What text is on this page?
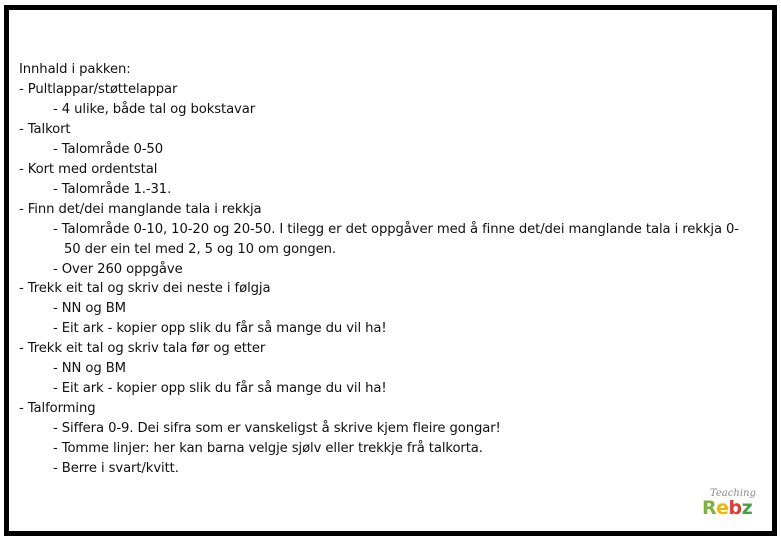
Innhald i pakken:
- Pultlappar/støttelappar
- 4 ulike, både tal og bokstavar
- Talkort
- Talområde 0-50
- Kort med ordentstal
- Talområde 1.-31.
- Finn det/dei manglande tala i rekkja
- Talområde 0-10, 10-20 og 20-50. I tilegg er det oppgåver med å finne det/dei manglande tala i rekkja 0-50 der ein tel med 2, 5 og 10 om gongen.
- Over 260 oppgåve
- Trekk eit tal og skriv dei neste i følgja
- NN og BM
- Eit ark - kopier opp slik du får så mange du vil ha!
- Trekk eit tal og skriv tala før og etter
- NN og BM
- Eit ark - kopier opp slik du får så mange du vil ha!
- Talforming
- Siffera 0-9. Dei sifra som er vanskeligst å skrive kjem fleire gongar!
- Tomme linjer: her kan barna velgje sjølv eller trekkje frå talkorta.
- Berre i svart/kvitt.
Teaching
Rebz
